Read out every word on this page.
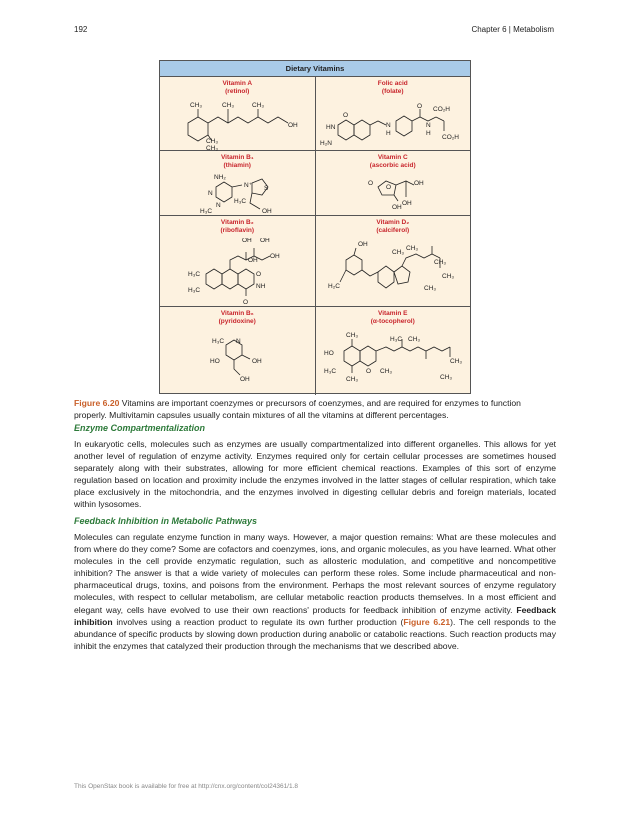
192	Chapter 6 | Metabolism
Dietary Vitamins
Vitamin A
(retinol)
CH₃	CH₃	CH₃
OH
CH₃
CH₃
Folic acid
(folate)
O
HN
H₂N
N
H
O
N
H
CO₂H
CO₂H
Vitamin B₁
(thiamin)
NH₂
N
N
H₃C
N⁺ S
H₃C
OH
Vitamin C
(ascorbic acid)
O
O
OH
OH
OH
Vitamin B₂
(riboflavin)
OH OH
OH
OH
H₃C
H₃C
O
NH
O
Vitamin D₂
(calciferol)
OH
CH₃
CH₃
CH₃
CH₃
CH₃
H₂C
Vitamin B₆
(pyridoxine)
H₃C N
HO	OH
OH
Vitamin E
(α-tocopherol)
CH₃
HO
H₃C
CH₃
O CH₃
H₃C CH₃
CH₃
CH₃
Figure 6.20 Vitamins are important coenzymes or precursors of coenzymes, and are required for enzymes to function properly. Multivitamin capsules usually contain mixtures of all the vitamins at different percentages.
Enzyme Compartmentalization
In eukaryotic cells, molecules such as enzymes are usually compartmentalized into different organelles. This allows for yet another level of regulation of enzyme activity. Enzymes required only for certain cellular processes are sometimes housed separately along with their substrates, allowing for more efficient chemical reactions. Examples of this sort of enzyme regulation based on location and proximity include the enzymes involved in the latter stages of cellular respiration, which take place exclusively in the mitochondria, and the enzymes involved in digesting cellular debris and foreign materials, located within lysosomes.
Feedback Inhibition in Metabolic Pathways
Molecules can regulate enzyme function in many ways. However, a major question remains: What are these molecules and from where do they come? Some are cofactors and coenzymes, ions, and organic molecules, as you have learned. What other molecules in the cell provide enzymatic regulation, such as allosteric modulation, and competitive and noncompetitive inhibition? The answer is that a wide variety of molecules can perform these roles. Some include pharmaceutical and non-pharmaceutical drugs, toxins, and poisons from the environment. Perhaps the most relevant sources of enzyme regulatory molecules, with respect to cellular metabolism, are cellular metabolic reaction products themselves. In a most efficient and elegant way, cells have evolved to use their own reactions' products for feedback inhibition of enzyme activity. Feedback inhibition involves using a reaction product to regulate its own further production (Figure 6.21). The cell responds to the abundance of specific products by slowing down production during anabolic or catabolic reactions. Such reaction products may inhibit the enzymes that catalyzed their production through the mechanisms that we described above.
This OpenStax book is available for free at http://cnx.org/content/col24361/1.8
